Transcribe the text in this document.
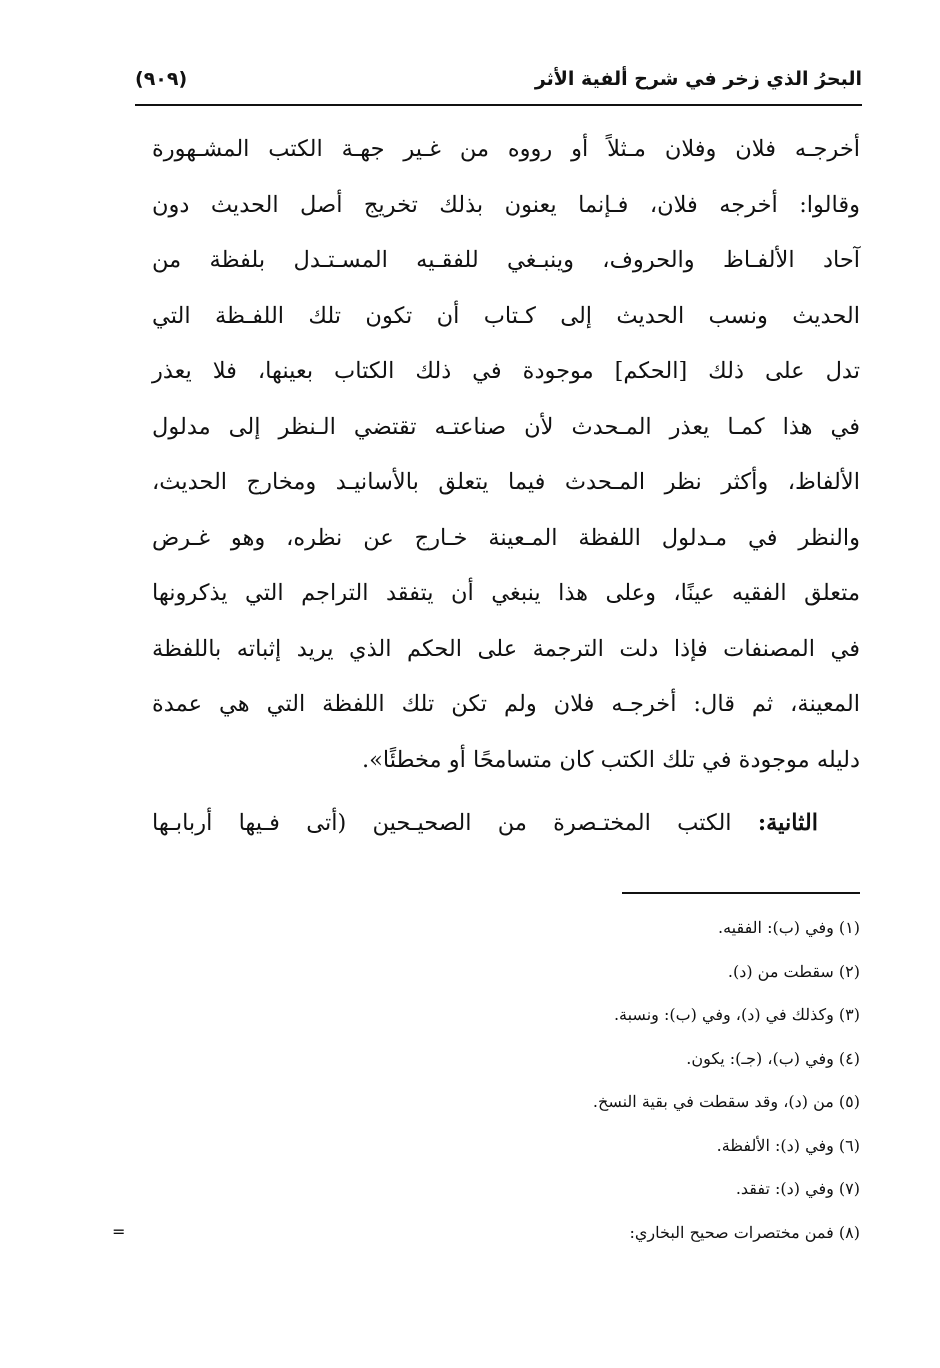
البحرُ الذي زخر في شرح ألفية الأثر
(٩٠٩)
أخرجـه فلان وفلان مـثلاً أو رووه من غـير جهـة الكتب المشـهورة
وقالوا: أخرجه فلان، فـإنما يعنون بذلك تخريج أصل الحديث دون
آحاد الألفـاظ والحروف، وينبـغي للفقـيه المسـتـدل بلفظة من
الحديث ونسب الحديث إلى كـتاب أن تكون تلك اللفـظة التي
تدل على ذلك [الحكم] موجودة في ذلك الكتاب بعينها، فلا يعذر
في هذا كمـا يعذر المـحدث لأن صناعتـه تقتضي الـنظر إلى مدلول
الألفاظ، وأكثر نظر المـحدث فيما يتعلق بالأسانيـد ومخارج الحديث،
والنظر في مـدلول اللفظة المـعينة خـارج عن نظره، وهو غـرض
متعلق الفقيه عينًا، وعلى هذا ينبغي أن يتفقد التراجم التي يذكرونها
في المصنفات فإذا دلت الترجمة على الحكم الذي يريد إثباته باللفظة
المعينة، ثم قال: أخرجـه فلان ولم تكن تلك اللفظة التي هي عمدة
دليله موجودة في تلك الكتب كان متسامحًا أو مخطئًا».
الثانية: الكتب المختـصرة من الصحيـحين (أتى فـيها أربابـها
(١) وفي (ب): الفقيه.
(٢) سقطت من (د).
(٣) وكذلك في (د)، وفي (ب): ونسبة.
(٤) وفي (ب)، (جـ): يكون.
(٥) من (د)، وقد سقطت في بقية النسخ.
(٦) وفي (د): الألفظة.
(٧) وفي (د): تفقد.
(٨) فمن مختصرات صحيح البخاري:
=
